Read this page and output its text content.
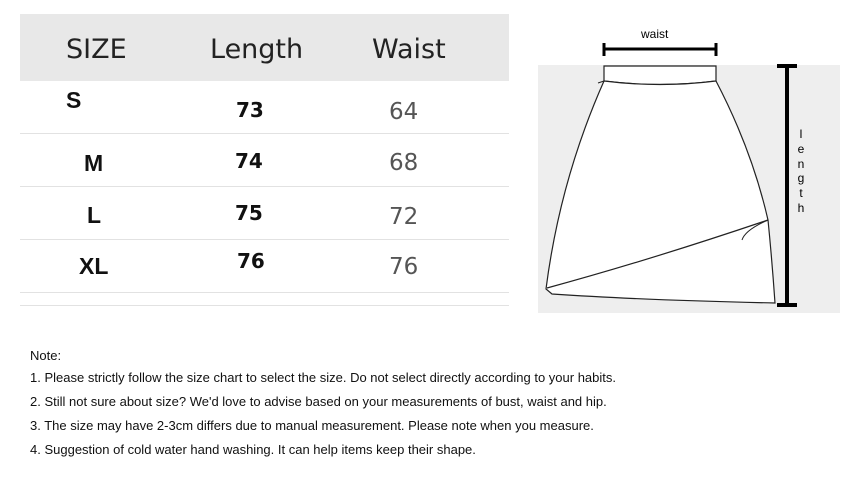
SIZE	Length	Waist
S	73	64
M	74	68
L	75	72
XL	76	76
waist
l
e
n
g
t
h
Note:
1. Please strictly follow the size chart to select the size. Do not select directly according to your habits.
2. Still not sure about size? We'd love to advise based on your measurements of bust, waist and hip.
3. The size may have 2-3cm differs due to manual measurement. Please note when you measure.
4. Suggestion of cold water hand washing. It can help items keep their shape.
